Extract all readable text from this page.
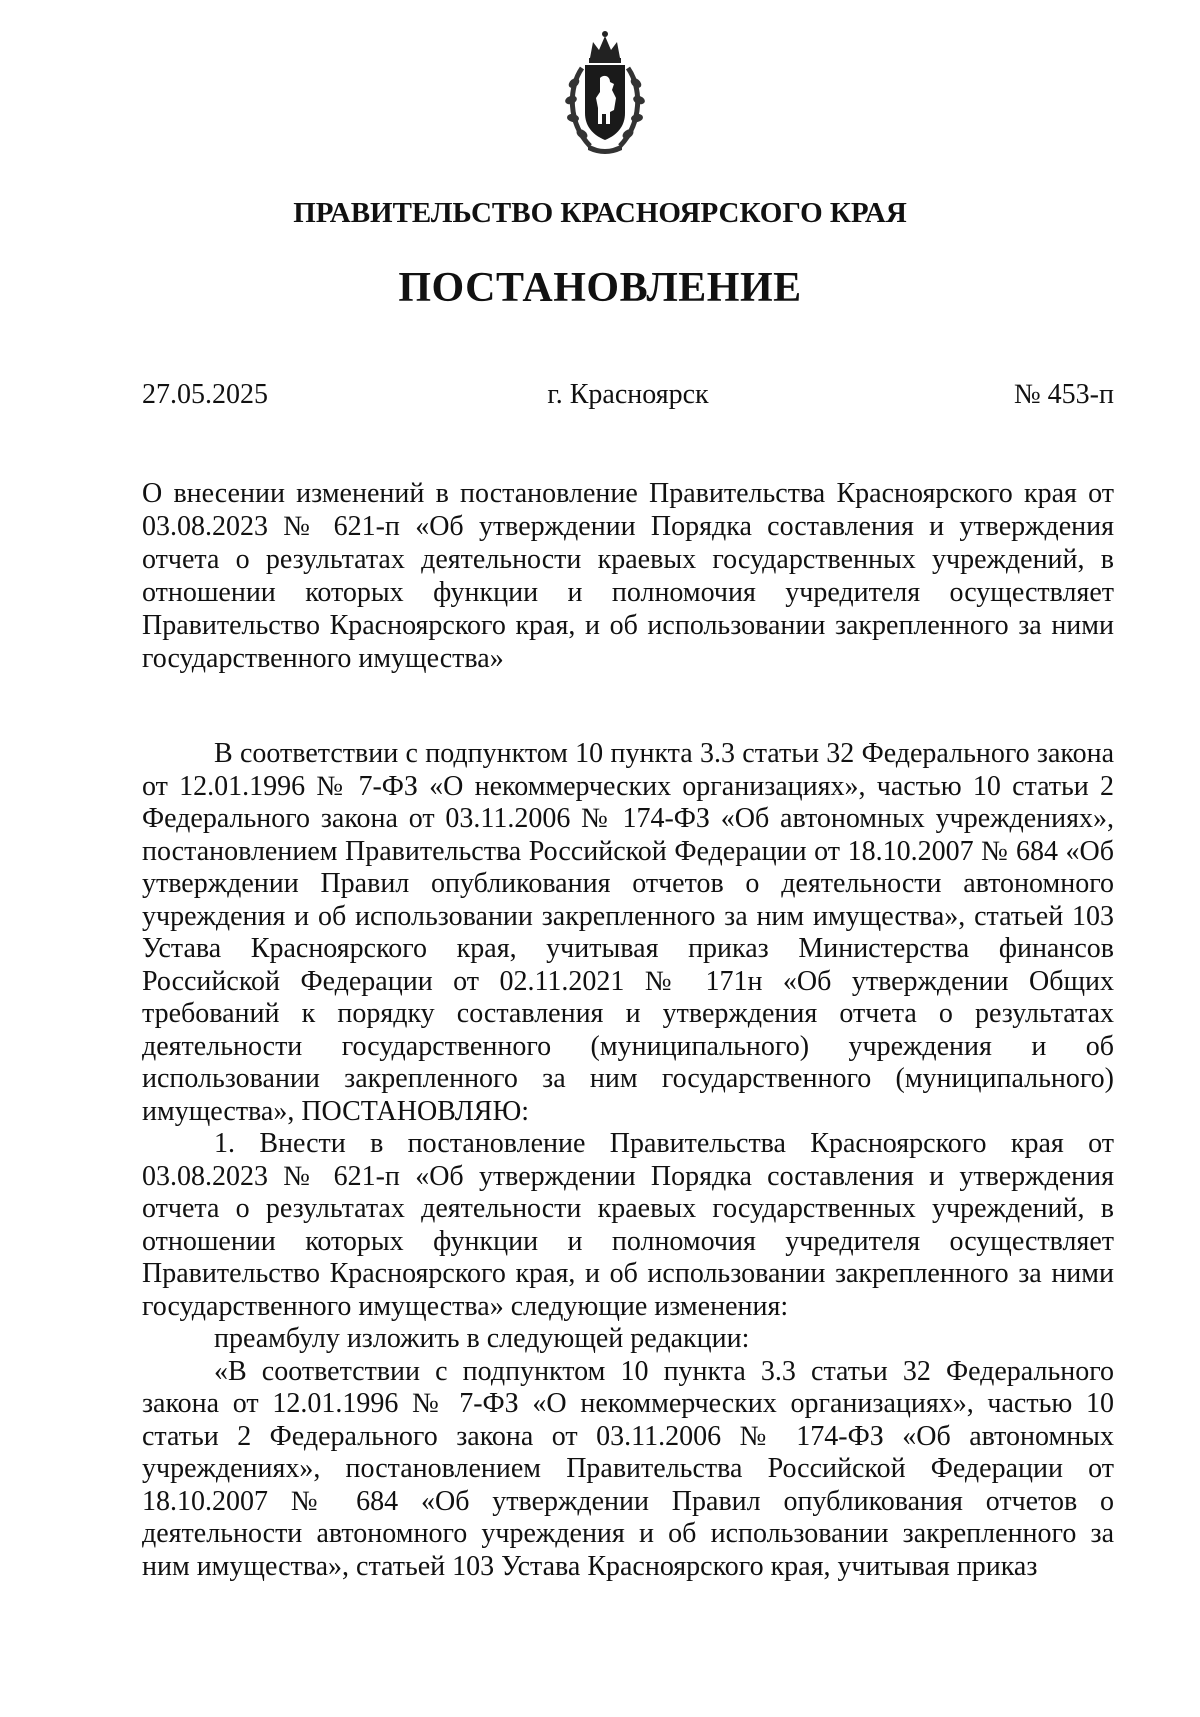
ПРАВИТЕЛЬСТВО КРАСНОЯРСКОГО КРАЯ
ПОСТАНОВЛЕНИЕ
27.05.2025	г. Красноярск	№ 453-п
О внесении изменений в постановление Правительства Красноярского края от 03.08.2023 № 621-п «Об утверждении Порядка составления и утверждения отчета о результатах деятельности краевых государственных учреждений, в отношении которых функции и полномочия учредителя осуществляет Правительство Красноярского края, и об использовании закрепленного за ними государственного имущества»

В соответствии с подпунктом 10 пункта 3.3 статьи 32 Федерального закона от 12.01.1996 № 7-ФЗ «О некоммерческих организациях», частью 10 статьи 2 Федерального закона от 03.11.2006 № 174-ФЗ «Об автономных учреждениях», постановлением Правительства Российской Федерации от 18.10.2007 № 684 «Об утверждении Правил опубликования отчетов о деятельности автономного учреждения и об использовании закрепленного за ним имущества», статьей 103 Устава Красноярского края, учитывая приказ Министерства финансов Российской Федерации от 02.11.2021 № 171н «Об утверждении Общих требований к порядку составления и утверждения отчета о результатах деятельности государственного (муниципального) учреждения и об использовании закрепленного за ним государственного (муниципального) имущества», ПОСТАНОВЛЯЮ:

1. Внести в постановление Правительства Красноярского края от 03.08.2023 № 621-п «Об утверждении Порядка составления и утверждения отчета о результатах деятельности краевых государственных учреждений, в отношении которых функции и полномочия учредителя осуществляет Правительство Красноярского края, и об использовании закрепленного за ними государственного имущества» следующие изменения:

преамбулу изложить в следующей редакции:

«В соответствии с подпунктом 10 пункта 3.3 статьи 32 Федерального закона от 12.01.1996 № 7-ФЗ «О некоммерческих организациях», частью 10 статьи 2 Федерального закона от 03.11.2006 № 174-ФЗ «Об автономных учреждениях», постановлением Правительства Российской Федерации от 18.10.2007 № 684 «Об утверждении Правил опубликования отчетов о деятельности автономного учреждения и об использовании закрепленного за ним имущества», статьей 103 Устава Красноярского края, учитывая приказ
